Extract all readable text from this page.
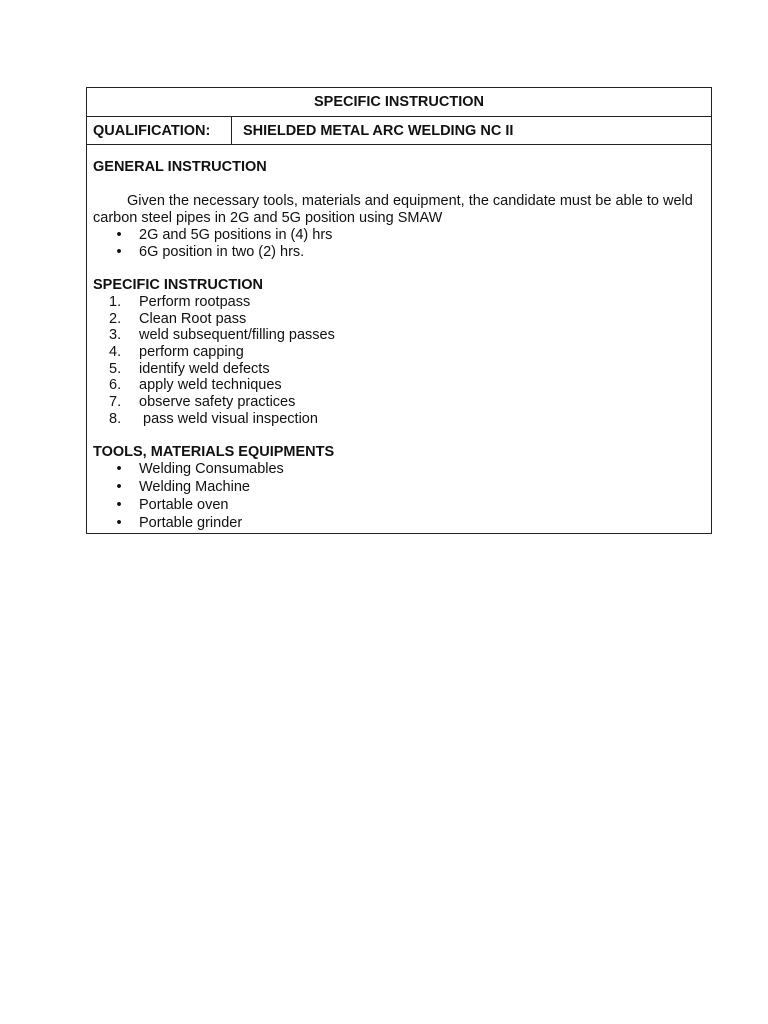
SPECIFIC INSTRUCTION
QUALIFICATION: SHIELDED METAL ARC WELDING NC II

GENERAL INSTRUCTION

Given the necessary tools, materials and equipment, the candidate must be able to weld carbon steel pipes in 2G and 5G position using SMAW

• 2G and 5G positions in (4) hrs
• 6G position in two (2) hrs.

SPECIFIC INSTRUCTION

1.	Perform rootpass
2.	Clean Root pass
3.	weld subsequent/filling passes
4.	perform capping
5.	identify weld defects
6.	apply weld techniques
7.	observe safety practices
8.	pass weld visual inspection

TOOLS, MATERIALS EQUIPMENTS

• Welding Consumables
• Welding Machine
• Portable oven
• Portable grinder
